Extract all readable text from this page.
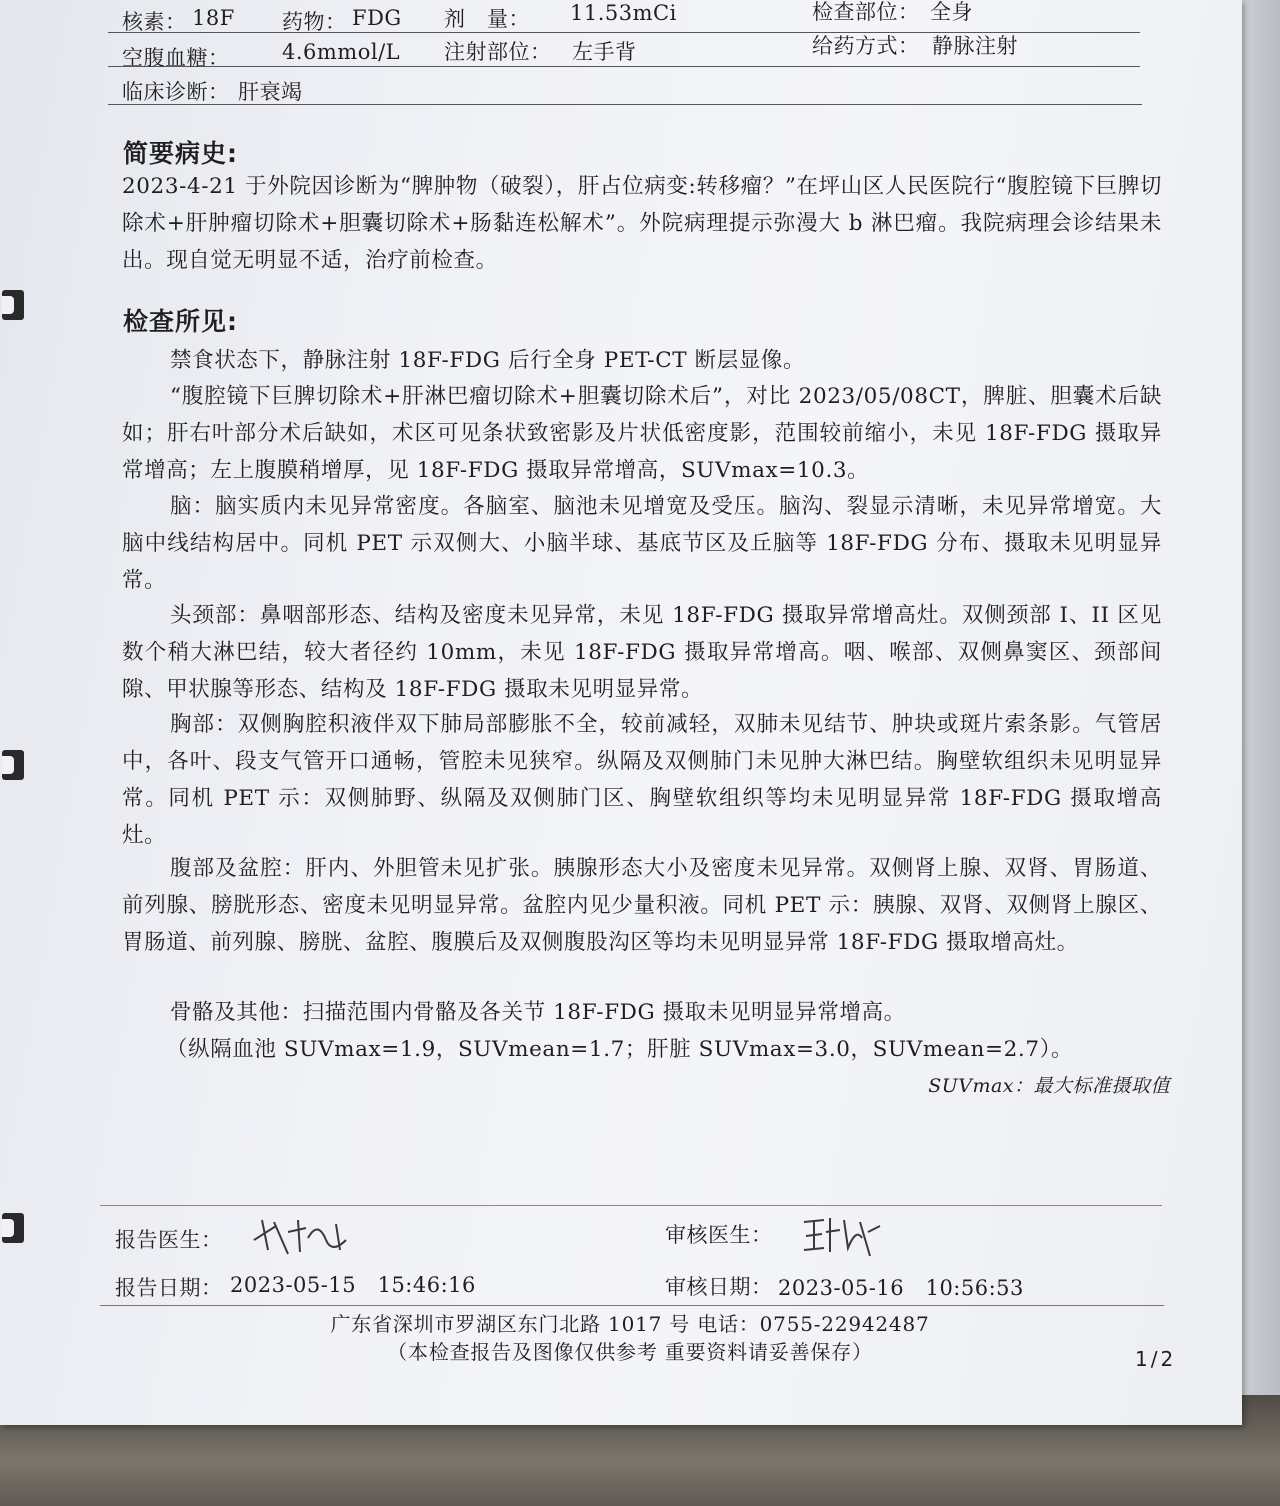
核素： 18F 药物： FDG 剂　量： 11.53mCi	检查部位： 全身
空腹血糖：	4.6mmol/L 注射部位： 左手背	给药方式： 静脉注射
临床诊断： 肝衰竭
简要病史:

2023-4-21 于外院因诊断为“脾肿物（破裂），肝占位病变:转移瘤？”在坪山区人民医院行“腹腔镜下巨脾切除术+肝肿瘤切除术+胆囊切除术+肠黏连松解术”。外院病理提示弥漫大 b 淋巴瘤。我院病理会诊结果未出。现自觉无明显不适，治疗前检查。

检查所见:

禁食状态下，静脉注射 18F-FDG 后行全身 PET-CT 断层显像。

“腹腔镜下巨脾切除术+肝淋巴瘤切除术+胆囊切除术后”，对比 2023/05/08CT，脾脏、胆囊术后缺如；肝右叶部分术后缺如，术区可见条状致密影及片状低密度影，范围较前缩小，未见 18F-FDG 摄取异常增高；左上腹膜稍增厚，见 18F-FDG 摄取异常增高，SUVmax=10.3。

脑：脑实质内未见异常密度。各脑室、脑池未见增宽及受压。脑沟、裂显示清晰，未见异常增宽。大脑中线结构居中。同机 PET 示双侧大、小脑半球、基底节区及丘脑等 18F-FDG 分布、摄取未见明显异常。

头颈部：鼻咽部形态、结构及密度未见异常，未见 18F-FDG 摄取异常增高灶。双侧颈部 I、II 区见数个稍大淋巴结，较大者径约 10mm，未见 18F-FDG 摄取异常增高。咽、喉部、双侧鼻窦区、颈部间隙、甲状腺等形态、结构及 18F-FDG 摄取未见明显异常。

胸部：双侧胸腔积液伴双下肺局部膨胀不全，较前减轻，双肺未见结节、肿块或斑片索条影。气管居中，各叶、段支气管开口通畅，管腔未见狭窄。纵隔及双侧肺门未见肿大淋巴结。胸壁软组织未见明显异常。同机 PET 示：双侧肺野、纵隔及双侧肺门区、胸壁软组织等均未见明显异常 18F-FDG 摄取增高灶。

腹部及盆腔：肝内、外胆管未见扩张。胰腺形态大小及密度未见异常。双侧肾上腺、双肾、胃肠道、前列腺、膀胱形态、密度未见明显异常。盆腔内见少量积液。同机 PET 示：胰腺、双肾、双侧肾上腺区、胃肠道、前列腺、膀胱、盆腔、腹膜后及双侧腹股沟区等均未见明显异常 18F-FDG 摄取增高灶。

骨骼及其他：扫描范围内骨骼及各关节 18F-FDG 摄取未见明显异常增高。

（纵隔血池 SUVmax=1.9，SUVmean=1.7；肝脏 SUVmax=3.0，SUVmean=2.7）。

SUVmax：最大标准摄取值
报告医生：	审核医生：
报告日期： 2023-05-15　15:46:16	审核日期： 2023-05-16　10:56:53
广东省深圳市罗湖区东门北路 1017 号 电话：0755-22942487
（本检查报告及图像仅供参考 重要资料请妥善保存）	1/2
